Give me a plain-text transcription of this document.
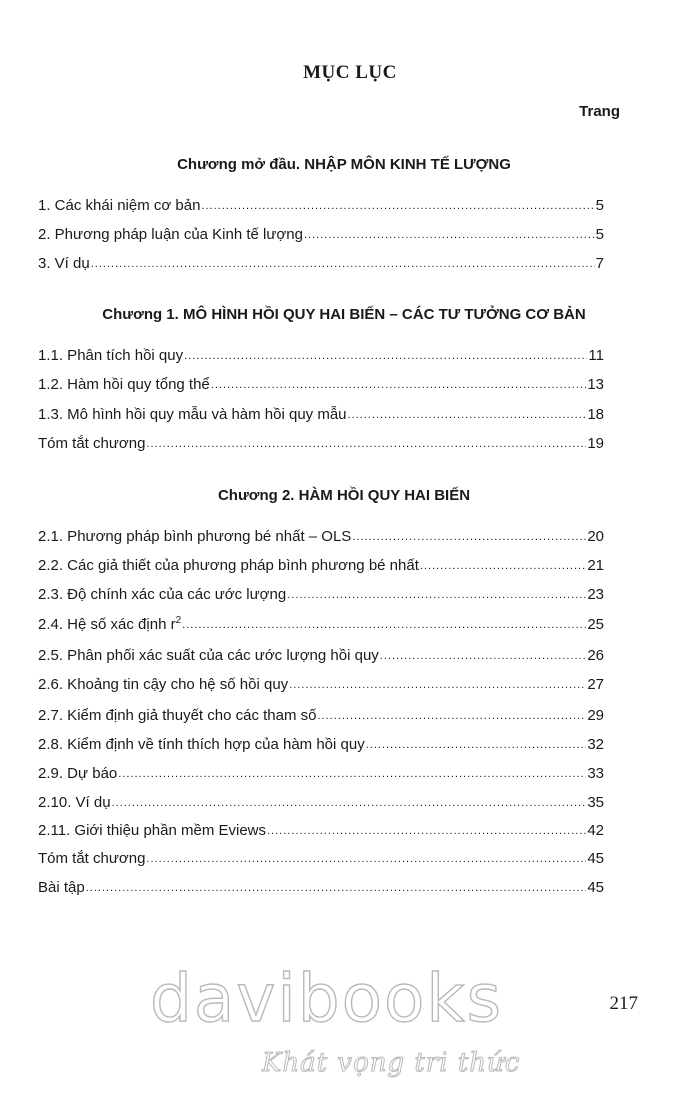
MỤC LỤC
Trang
Chương mở đầu. NHẬP MÔN KINH TẾ LƯỢNG
1. Các khái niệm cơ bản .....	5
2. Phương pháp luận của Kinh tế lượng .....	5
3. Ví dụ .....	7
Chương 1. MÔ HÌNH HỒI QUY HAI BIẾN – CÁC TƯ TƯỞNG CƠ BẢN
1.1. Phân tích hồi quy .....	11
1.2. Hàm hồi quy tổng thể .....	13
1.3. Mô hình hồi quy mẫu và hàm hồi quy mẫu .....	18
Tóm tắt chương .....	19
Chương 2. HÀM HỒI QUY HAI BIẾN
2.1. Phương pháp bình phương bé nhất – OLS .....	20
2.2. Các giả thiết của phương pháp bình phương bé nhất .....	21
2.3. Độ chính xác của các ước lượng .....	23
2.4. Hệ số xác định $r^2$ .....	25
2.5. Phân phối xác suất của các ước lượng hồi quy .....	26
2.6. Khoảng tin cậy cho hệ số hồi quy .....	27
2.7. Kiểm định giả thuyết cho các tham số .....	29
2.8. Kiểm định về tính thích hợp của hàm hồi quy .....	32
2.9. Dự báo .....	33
2.10. Ví dụ .....	35
2.11. Giới thiệu phần mềm Eviews .....	42
Tóm tắt chương .....	45
Bài tập .....	45
217
davibooks
Khát vọng tri thức
